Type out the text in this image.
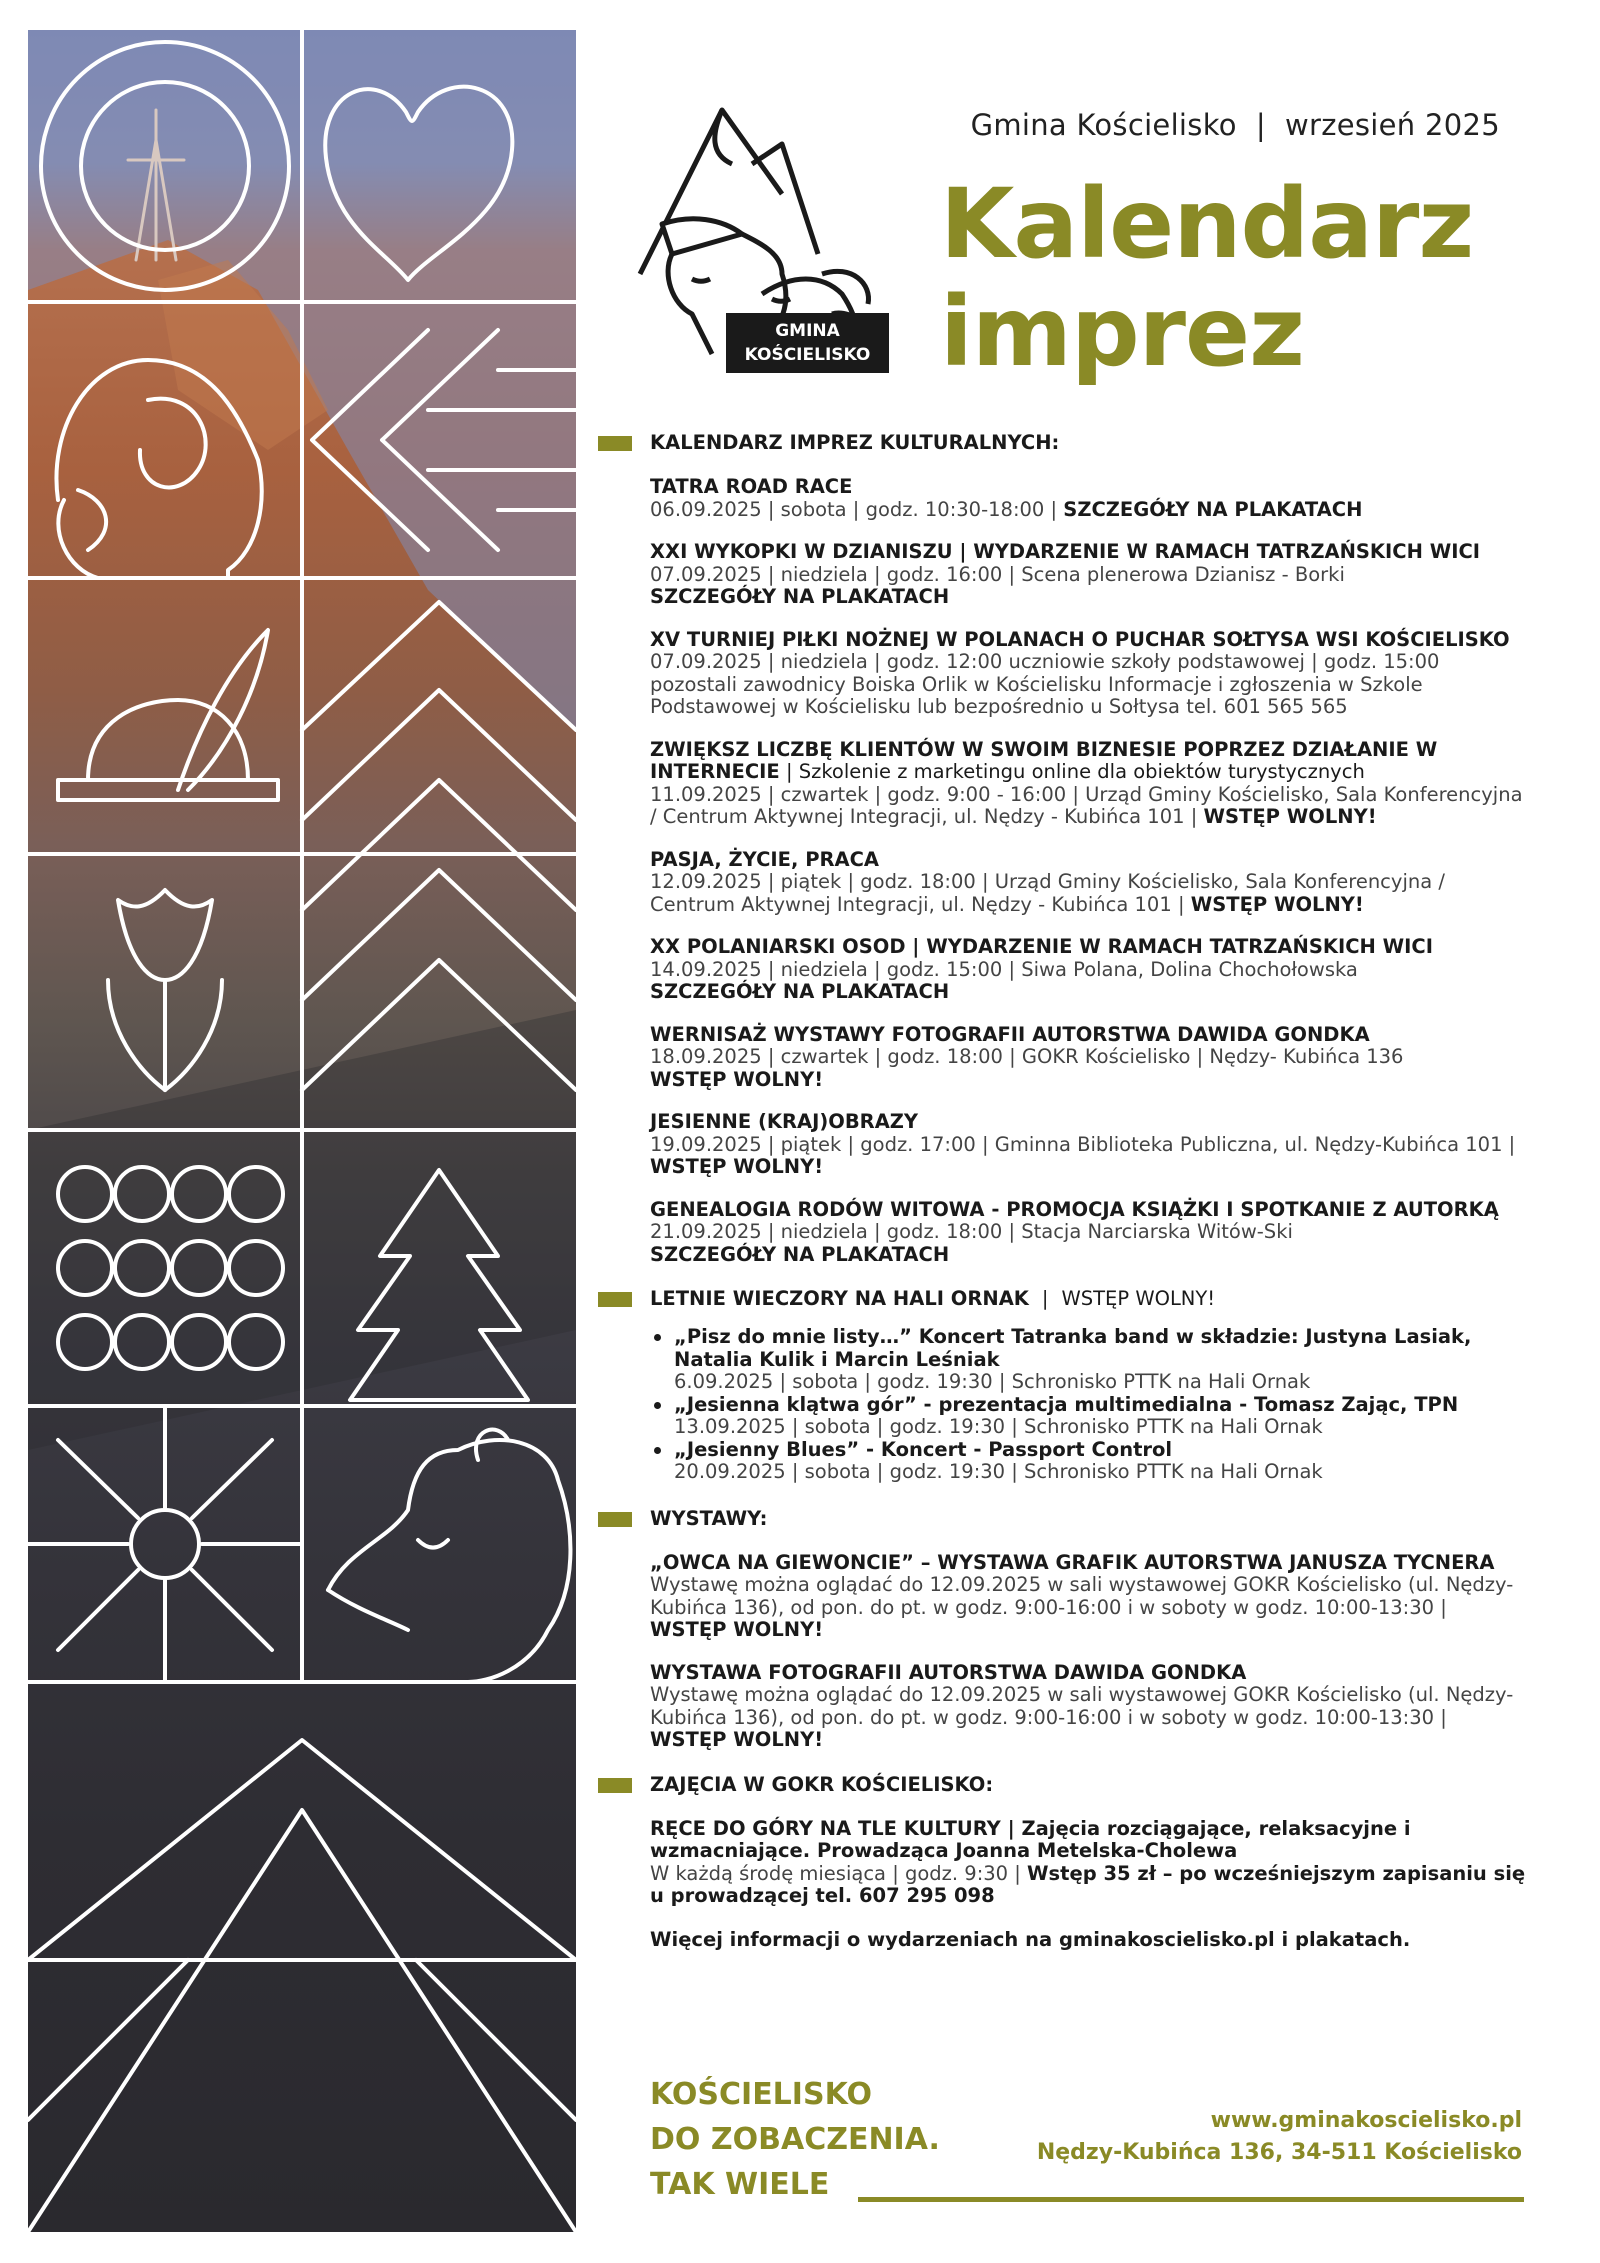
GMINA
KOŚCIELISKO
Gmina Kościelisko  |  wrzesień 2025
Kalendarz
imprez
KALENDARZ IMPREZ KULTURALNYCH:
TATRA ROAD RACE
06.09.2025 | sobota | godz. 10:30-18:00 | SZCZEGÓŁY NA PLAKATACH
XXI WYKOPKI W DZIANISZU | WYDARZENIE W RAMACH TATRZAŃSKICH WICI
07.09.2025 | niedziela | godz. 16:00 | Scena plenerowa Dzianisz - Borki
SZCZEGÓŁY NA PLAKATACH
XV TURNIEJ PIŁKI NOŻNEJ W POLANACH O PUCHAR SOŁTYSA WSI KOŚCIELISKO
07.09.2025 | niedziela | godz. 12:00 uczniowie szkoły podstawowej | godz. 15:00 pozostali zawodnicy Boiska Orlik w Kościelisku Informacje i zgłoszenia w Szkole Podstawowej w Kościelisku lub bezpośrednio u Sołtysa tel. 601 565 565
ZWIĘKSZ LICZBĘ KLIENTÓW W SWOIM BIZNESIE POPRZEZ DZIAŁANIE W INTERNECIE | Szkolenie z marketingu online dla obiektów turystycznych
11.09.2025 | czwartek | godz. 9:00 - 16:00 | Urząd Gminy Kościelisko, Sala Konferencyjna / Centrum Aktywnej Integracji, ul. Nędzy - Kubińca 101 | WSTĘP WOLNY!
PASJA, ŻYCIE, PRACA
12.09.2025 | piątek | godz. 18:00 | Urząd Gminy Kościelisko, Sala Konferencyjna / Centrum Aktywnej Integracji, ul. Nędzy - Kubińca 101 | WSTĘP WOLNY!
XX POLANIARSKI OSOD | WYDARZENIE W RAMACH TATRZAŃSKICH WICI
14.09.2025 | niedziela | godz. 15:00 | Siwa Polana, Dolina Chochołowska
SZCZEGÓŁY NA PLAKATACH
WERNISAŻ WYSTAWY FOTOGRAFII AUTORSTWA DAWIDA GONDKA
18.09.2025 | czwartek | godz. 18:00 | GOKR Kościelisko | Nędzy- Kubińca 136
WSTĘP WOLNY!
JESIENNE (KRAJ)OBRAZY
19.09.2025 | piątek | godz. 17:00 | Gminna Biblioteka Publiczna, ul. Nędzy-Kubińca 101 | WSTĘP WOLNY!
GENEALOGIA RODÓW WITOWA - PROMOCJA KSIĄŻKI I SPOTKANIE Z AUTORKĄ
21.09.2025 | niedziela | godz. 18:00 | Stacja Narciarska Witów-Ski
SZCZEGÓŁY NA PLAKATACH
LETNIE WIECZORY NA HALI ORNAK  |  WSTĘP WOLNY!
„Pisz do mnie listy…” Koncert Tatranka band w składzie: Justyna Lasiak, Natalia Kulik i Marcin Leśniak
6.09.2025 | sobota | godz. 19:30 | Schronisko PTTK na Hali Ornak
„Jesienna klątwa gór” - prezentacja multimedialna - Tomasz Zając, TPN
13.09.2025 | sobota | godz. 19:30 | Schronisko PTTK na Hali Ornak
„Jesienny Blues” - Koncert - Passport Control
20.09.2025 | sobota | godz. 19:30 | Schronisko PTTK na Hali Ornak
WYSTAWY:
„OWCA NA GIEWONCIE” – WYSTAWA GRAFIK AUTORSTWA JANUSZA TYCNERA
Wystawę można oglądać do 12.09.2025 w sali wystawowej GOKR Kościelisko (ul. Nędzy- Kubińca 136), od pon. do pt. w godz. 9:00-16:00 i w soboty w godz. 10:00-13:30 | WSTĘP WOLNY!
WYSTAWA FOTOGRAFII AUTORSTWA DAWIDA GONDKA
Wystawę można oglądać do 12.09.2025 w sali wystawowej GOKR Kościelisko (ul. Nędzy- Kubińca 136), od pon. do pt. w godz. 9:00-16:00 i w soboty w godz. 10:00-13:30 | WSTĘP WOLNY!
ZAJĘCIA W GOKR KOŚCIELISKO:
RĘCE DO GÓRY NA TLE KULTURY | Zajęcia rozciągające, relaksacyjne i wzmacniające. Prowadząca Joanna Metelska-Cholewa
W każdą środę miesiąca | godz. 9:30 | Wstęp 35 zł – po wcześniejszym zapisaniu się u prowadzącej tel. 607 295 098
Więcej informacji o wydarzeniach na gminakoscielisko.pl i plakatach.
KOŚCIELISKO
DO ZOBACZENIA.
TAK WIELE
www.gminakoscielisko.pl
Nędzy-Kubińca 136, 34-511 Kościelisko
